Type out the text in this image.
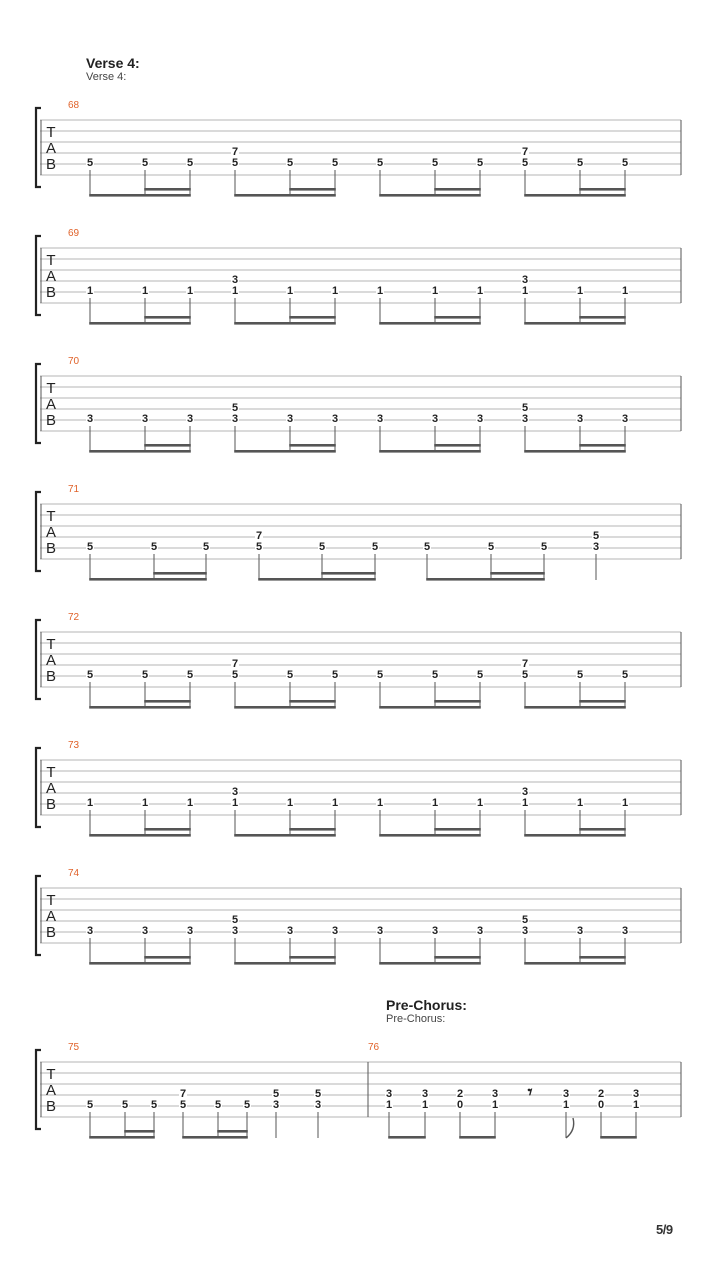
Verse 4:
Verse 4:
Pre-Chorus:
Pre-Chorus:
T
A
B
68
5	5	5	5
7
5	5	5	5	5	5
7
5	5
T
A
B
69
1	1	1	1
3
1	1	1	1	1	1
3
1	1
T
A
B
70
3	3	3	3
5
3	3	3	3	3	3
5
3	3
T
A
B
71
5	5	5	5
7
5	5	5	5	5	3
5
T
A
B
72
5	5	5	5
7
5	5	5	5	5	5
7
5	5
T
A
B
73
1	1	1	1
3
1	1	1	1	1	1
3
1	1
T
A
B
74
3	3	3	3
5
3	3	3	3	3	3
5
3	3
T
A
B
75	76
𝄾
5	5 5 5
7
5 5 3
5
3
5
1
3
1
3
0
2
1
3
1
3
0
2
1
3
5/9
